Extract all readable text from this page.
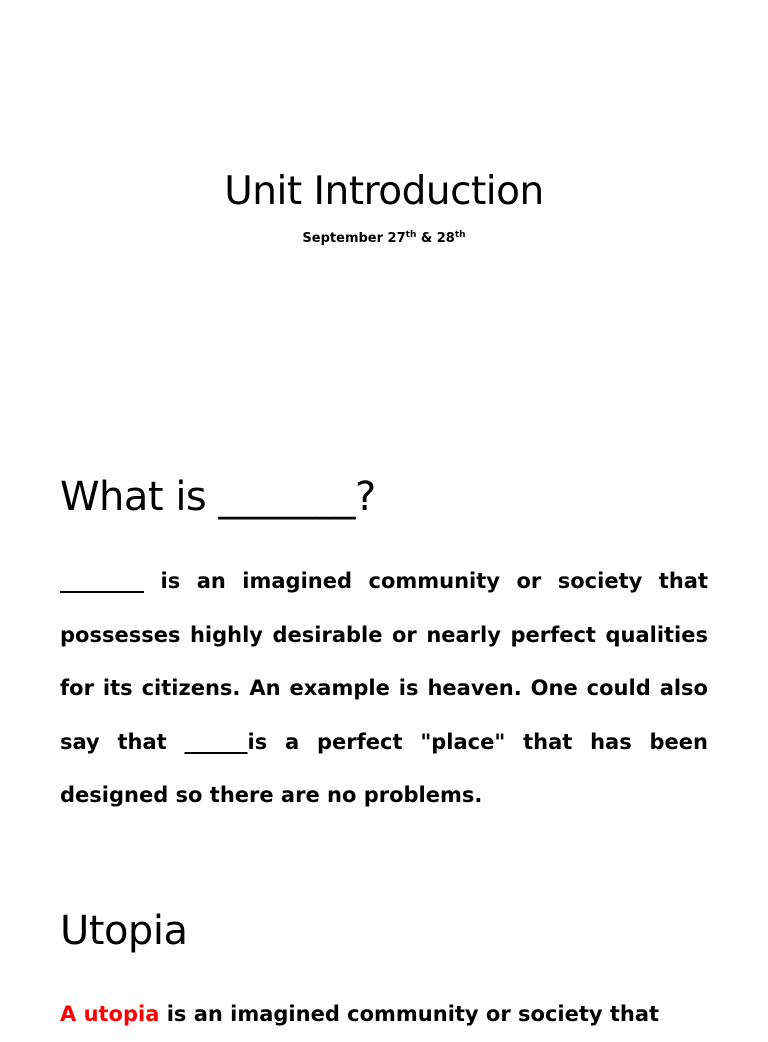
Unit Introduction
September 27th & 28th
What is _______?
________ is an imagined community or society that possesses highly desirable or nearly perfect qualities for its citizens. An example is heaven. One could also say that ______is a perfect "place" that has been designed so there are no problems.
Utopia
A utopia is an imagined community or society that
